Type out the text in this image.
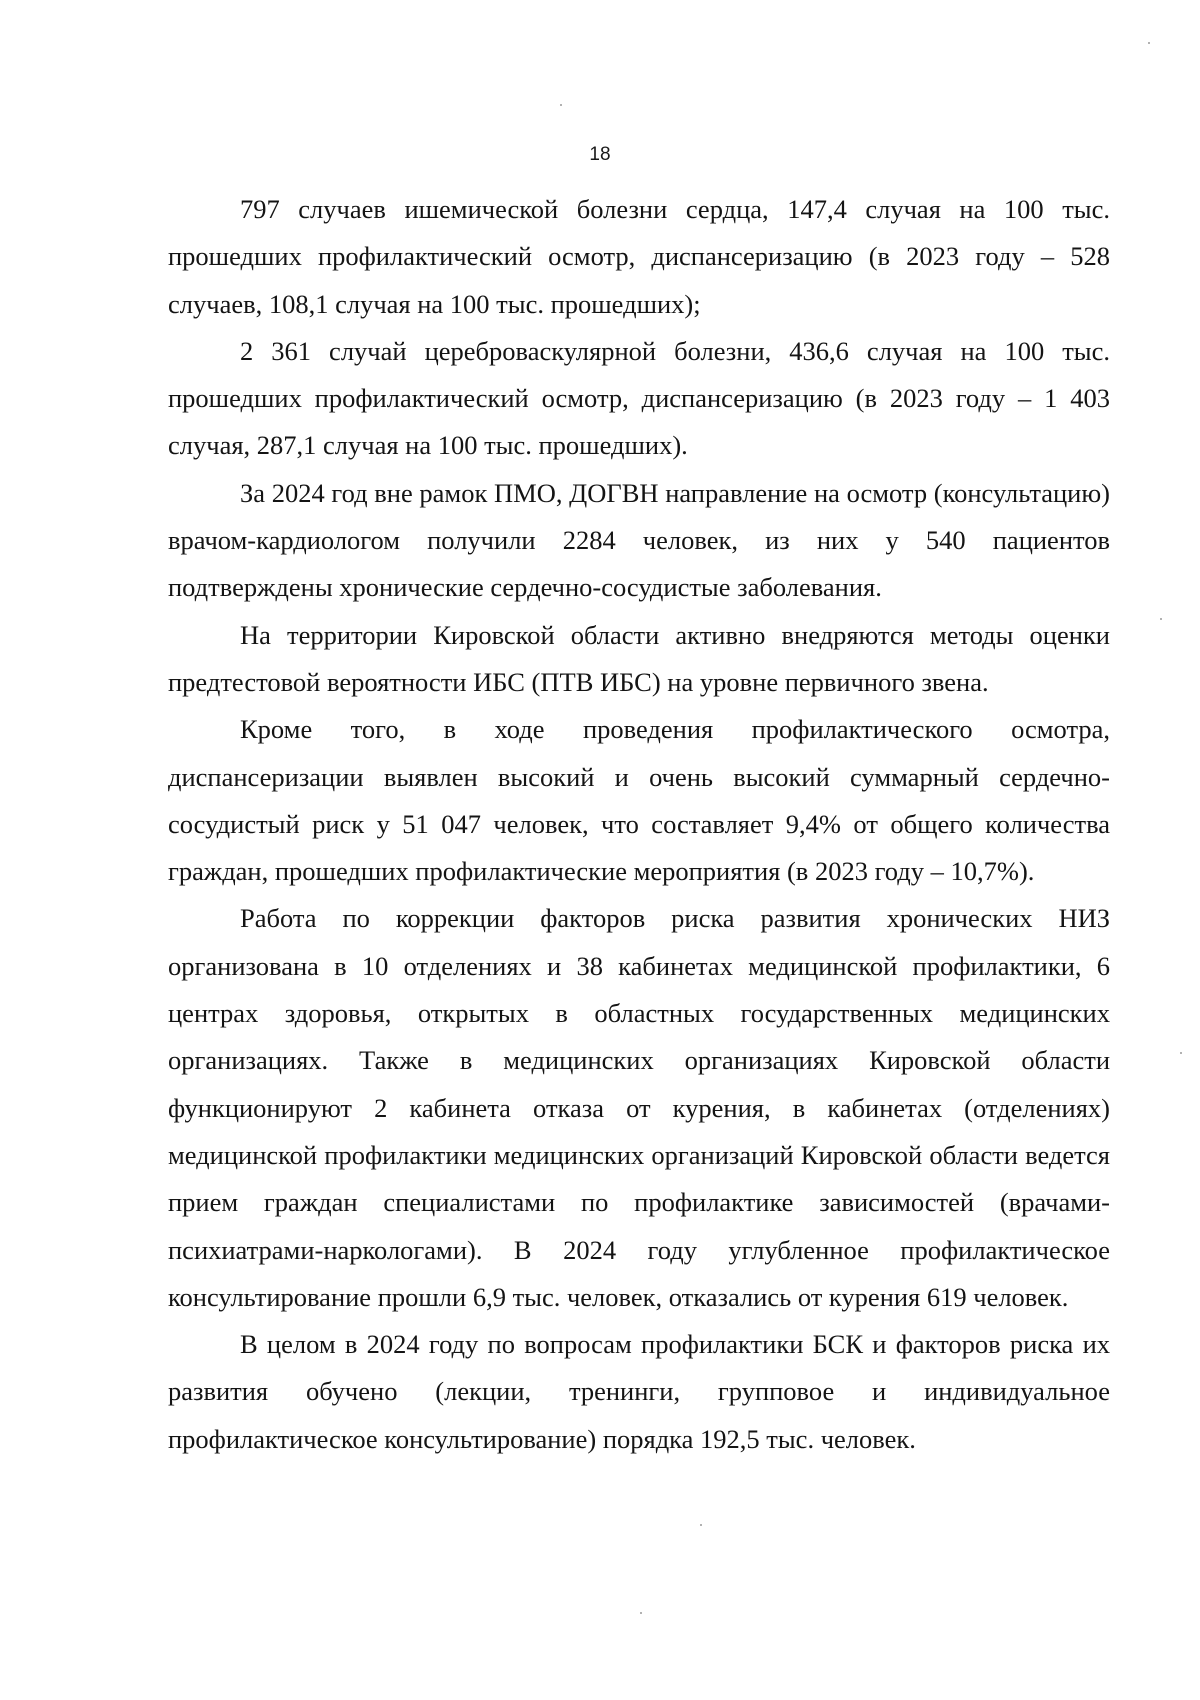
18

797 случаев ишемической болезни сердца, 147,4 случая на 100 тыс. прошедших профилактический осмотр, диспансеризацию (в 2023 году – 528 случаев, 108,1 случая на 100 тыс. прошедших);

2 361 случай цереброваскулярной болезни, 436,6 случая на 100 тыс. прошедших профилактический осмотр, диспансеризацию (в 2023 году – 1 403 случая, 287,1 случая на 100 тыс. прошедших).

За 2024 год вне рамок ПМО, ДОГВН направление на осмотр (консультацию) врачом-кардиологом получили 2284 человек, из них у 540 пациентов подтверждены хронические сердечно-сосудистые заболевания.

На территории Кировской области активно внедряются методы оценки предтестовой вероятности ИБС (ПТВ ИБС) на уровне первичного звена.

Кроме того, в ходе проведения профилактического осмотра, диспансеризации выявлен высокий и очень высокий суммарный сердечно-сосудистый риск у 51 047 человек, что составляет 9,4% от общего количества граждан, прошедших профилактические мероприятия (в 2023 году – 10,7%).

Работа по коррекции факторов риска развития хронических НИЗ организована в 10 отделениях и 38 кабинетах медицинской профилактики, 6 центрах здоровья, открытых в областных государственных медицинских организациях. Также в медицинских организациях Кировской области функционируют 2 кабинета отказа от курения, в кабинетах (отделениях) медицинской профилактики медицинских организаций Кировской области ведется прием граждан специалистами по профилактике зависимостей (врачами-психиатрами-наркологами). В 2024 году углубленное профилактическое консультирование прошли 6,9 тыс. человек, отказались от курения 619 человек.

В целом в 2024 году по вопросам профилактики БСК и факторов риска их развития обучено (лекции, тренинги, групповое и индивидуальное профилактическое консультирование) порядка 192,5 тыс. человек.
